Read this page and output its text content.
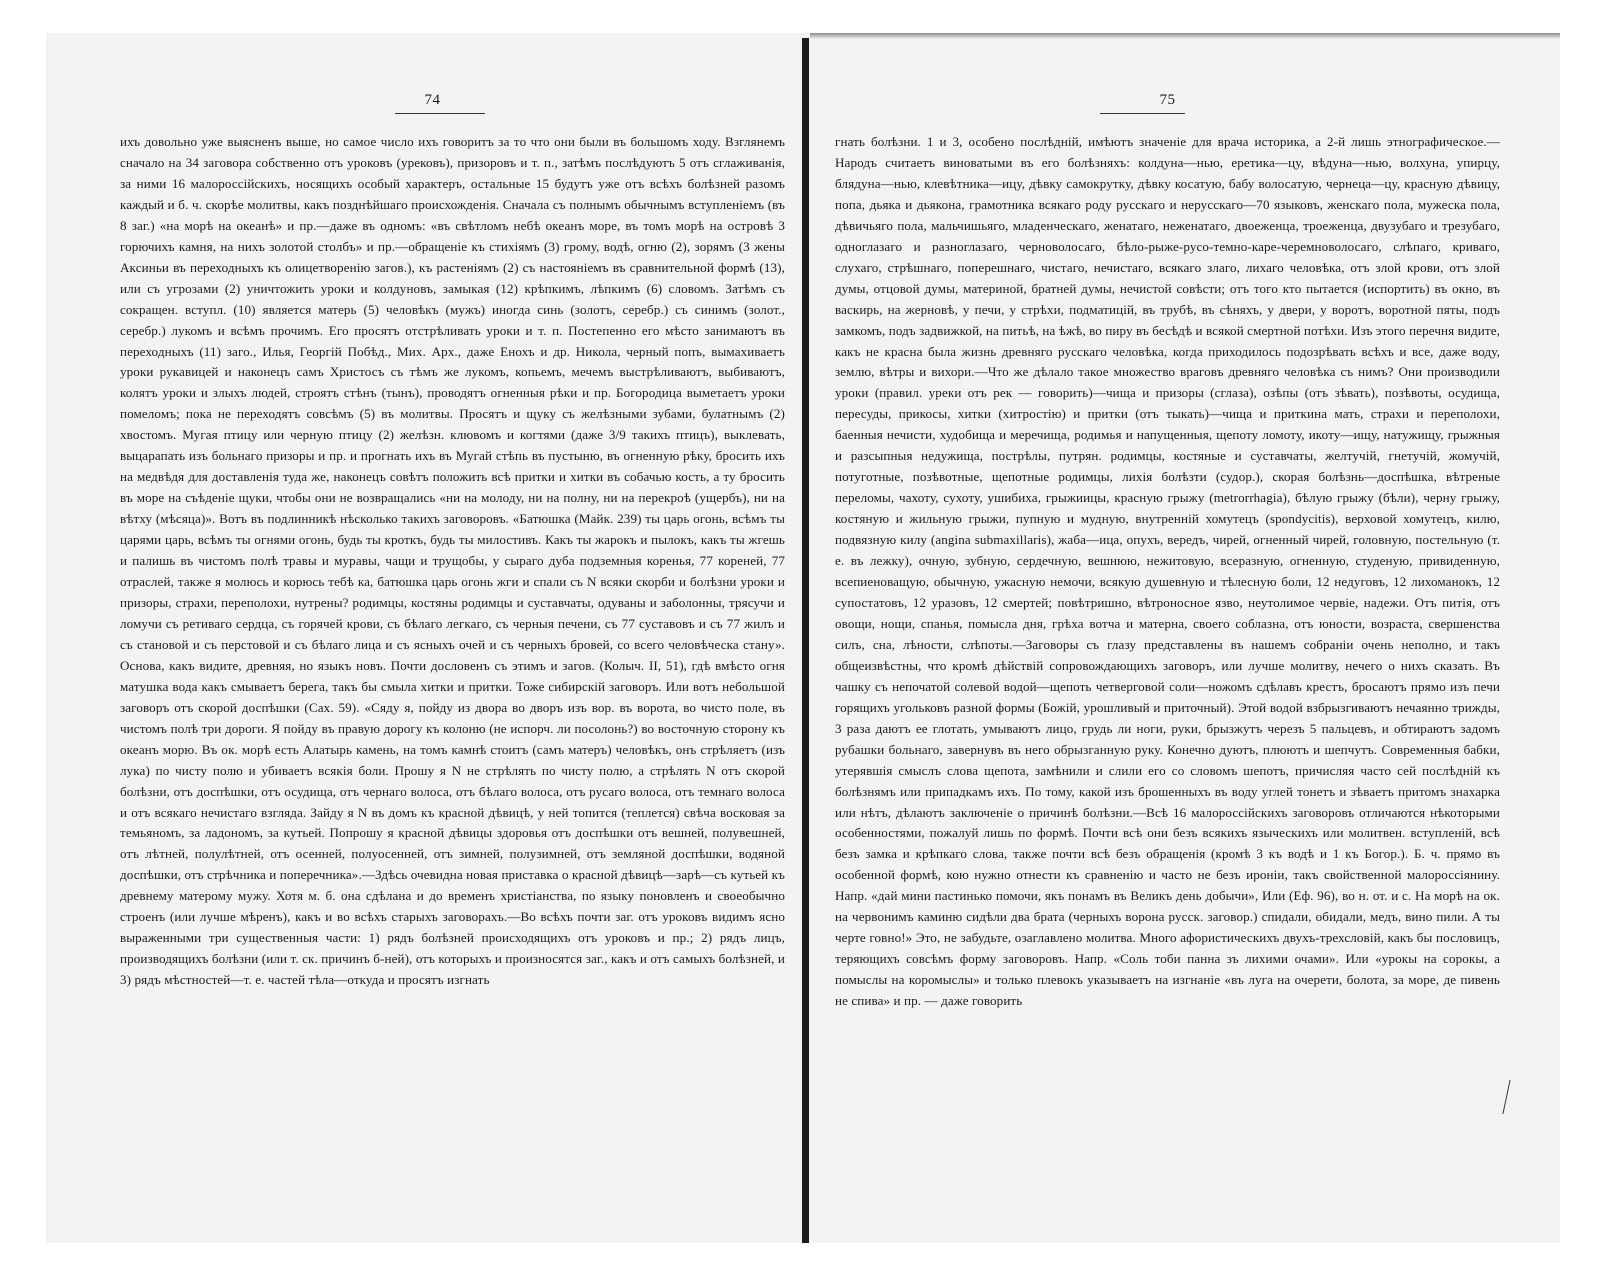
74
ихъ довольно уже выясненъ выше, но самое число ихъ говоритъ за то что они были въ большомъ ходу. Взглянемъ сначало на 34 заговора собственно отъ уроковъ (урековъ), призоровъ и т. п., затѣмъ послѣдуютъ 5 отъ сглаживанія, за ними 16 малороссійскихъ, носящихъ особый характеръ, остальные 15 будутъ уже отъ всѣхъ болѣзней разомъ каждый и б. ч. скорѣе молитвы, какъ позднѣйшаго происхожденія. Сначала съ полнымъ обычнымъ вступленіемъ (въ 8 заг.) «на морѣ на океанѣ» и пр.—даже въ одномъ: «въ свѣтломъ небѣ океанъ море, въ томъ морѣ на островѣ 3 горючихъ камня, на нихъ золотой столбъ» и пр.—обращеніе къ стихіямъ (3) грому, водѣ, огню (2), зорямъ (3 жены Аксиньи въ переходныхъ къ олицетворенію загов.), къ растеніямъ (2) съ настояніемъ въ сравнительной формѣ (13), или съ угрозами (2) уничтожить уроки и колдуновъ, замыкая (12) крѣпкимъ, лѣпкимъ (6) словомъ. Затѣмъ съ сокращен. вступл. (10) является матерь (5) человѣкъ (мужъ) иногда синь (золотъ, серебр.) съ синимъ (золот., серебр.) лукомъ и всѣмъ прочимъ. Его просятъ отстрѣливать уроки и т. п. Постепенно его мѣсто занимаютъ въ переходныхъ (11) заго., Илья, Георгій Побѣд., Мих. Арх., даже Енохъ и др. Никола, черный попъ, вымахиваетъ уроки рукавицей и наконецъ самъ Христосъ съ тѣмъ же лукомъ, копьемъ, мечемъ выстрѣливаютъ, выбиваютъ, колятъ уроки и злыхъ людей, строятъ стѣнъ (тынъ), проводятъ огненныя рѣки и пр. Богородица выметаетъ уроки помеломъ; пока не переходятъ совсѣмъ (5) въ молитвы. Просятъ и щуку съ желѣзными зубами, булатнымъ (2) хвостомъ. Мугая птицу или черную птицу (2) желѣзн. клювомъ и когтями (даже 3/9 такихъ птицъ), выклевать, выцарапать изъ больнаго призоры и пр. и прогнать ихъ въ Мугай стѣпь въ пустыню, въ огненную рѣку, бросить ихъ на медвѣдя для доставленія туда же, наконецъ совѣтъ положить всѣ притки и хитки въ собачью кость, а ту бросить въ море на съѣденіе щуки, чтобы они не возвращались «ни на молоду, ни на полну, ни на перекроѣ (ущербъ), ни на вѣтху (мѣсяца)». Вотъ въ подлинникѣ нѣсколько такихъ заговоровъ. «Батюшка (Майк. 239) ты царь огонь, всѣмъ ты царями царь, всѣмъ ты огнями огонь, будь ты кроткъ, будь ты милостивъ. Какъ ты жарокъ и пылокъ, какъ ты жгешь и палишь въ чистомъ полѣ травы и муравы, чащи и трущобы, у сыраго дуба подземныя коренья, 77 кореней, 77 отраслей, также я молюсь и корюсь тебѣ ка, батюшка царь огонь жги и спали съ N всяки скорби и болѣзни уроки и призоры, страхи, переполохи, нутрены? родимцы, костяны родимцы и суставчаты, одуваны и заболонны, трясучи и ломучи съ ретиваго сердца, съ горячей крови, съ бѣлаго легкаго, съ черныя печени, съ 77 суставовъ и съ 77 жилъ и съ становой и съ перстовой и съ бѣлаго лица и съ ясныхъ очей и съ черныхъ бровей, со всего человѣческа стану». Основа, какъ видите, древняя, но языкъ новъ. Почти дословенъ съ этимъ и загов. (Колыч. II, 51), гдѣ вмѣсто огня матушка вода какъ смываетъ берега, такъ бы смыла хитки и притки. Тоже сибирскій заговоръ. Или вотъ небольшой заговоръ отъ скорой доспѣшки (Сах. 59). «Сяду я, пойду из двора во дворъ изъ вор. въ ворота, во чисто поле, въ чистомъ полѣ три дороги. Я пойду въ правую дорогу къ колоню (не испорч. ли посолонь?) во восточную сторону къ океанъ морю. Въ ок. морѣ есть Алатырь камень, на томъ камнѣ стоитъ (самъ матеръ) человѣкъ, онъ стрѣляетъ (изъ лука) по чисту полю и убиваетъ всякія боли. Прошу я N не стрѣлять по чисту полю, а стрѣлять N отъ скорой болѣзни, отъ доспѣшки, отъ осудища, отъ чернаго волоса, отъ бѣлаго волоса, отъ русаго волоса, отъ темнаго волоса и отъ всякаго нечистаго взгляда. Зайду я N въ домъ къ красной дѣвицѣ, у ней топится (теплется) свѣча восковая за темьяномъ, за ладономъ, за кутьей. Попрошу я красной дѣвицы здоровья отъ доспѣшки отъ вешней, полувешней, отъ лѣтней, полулѣтней, отъ осенней, полуосенней, отъ зимней, полузимней, отъ земляной доспѣшки, водяной доспѣшки, отъ стрѣчника и поперечника».—Здѣсь очевидна новая приставка о красной дѣвицѣ—зарѣ—съ кутьей къ древнему матерому мужу. Хотя м. б. она сдѣлана и до временъ христіанства, по языку поновленъ и своеобычно строенъ (или лучше мѣренъ), какъ и во всѣхъ старыхъ заговорахъ.—Во всѣхъ почти заг. отъ уроковъ видимъ ясно выраженными три существенныя части: 1) рядъ болѣзней происходящихъ отъ уроковъ и пр.; 2) рядъ лицъ, производящихъ болѣзни (или т. ск. причинъ б-ней), отъ которыхъ и произносятся заг., какъ и отъ самыхъ болѣзней, и 3) рядъ мѣстностей—т. е. частей тѣла—откуда и просятъ изгнать
75
гнать болѣзни. 1 и 3, особено послѣдній, имѣютъ значеніе для врача историка, а 2-й лишь этнографическое.—Народъ считаетъ виноватыми въ его болѣзняхъ: колдуна—нью, еретика—цу, вѣдуна—нью, волхуна, упирцу, блядуна—нью, клевѣтника—ицу, дѣвку самокрутку, дѣвку косатую, бабу волосатую, чернеца—цу, красную дѣвицу, попа, дьяка и дьякона, грамотника всякаго роду русскаго и нерусскаго—70 языковъ, женскаго пола, мужеска пола, дѣвичьяго пола, мальчишьяго, младенческаго, женатаго, неженатаго, двоеженца, троеженца, двузубаго и трезубаго, одноглазаго и разноглазаго, черноволосаго, бѣло-рыже-русо-темно-каре-черемноволосаго, слѣпаго, криваго, слухаго, стрѣшнаго, поперешнаго, чистаго, нечистаго, всякаго злаго, лихаго человѣка, отъ злой крови, отъ злой думы, отцовой думы, материной, братней думы, нечистой совѣсти; отъ того кто пытается (испортить) въ окно, въ васкирь, на жерновѣ, у печи, у стрѣхи, подматицій, въ трубѣ, въ сѣняхъ, у двери, у воротъ, воротной пяты, подъ замкомъ, подъ задвижкой, на питьѣ, на ѣжѣ, во пиру въ бесѣдѣ и всякой смертной потѣхи. Изъ этого перечня видите, какъ не красна была жизнь древняго русскаго человѣка, когда приходилось подозрѣвать всѣхъ и все, даже воду, землю, вѣтры и вихори.—Что же дѣлало такое множество враговъ древняго человѣка съ нимъ? Они производили уроки (правил. уреки отъ рек — говорить)—чища и призоры (сглаза), озѣпы (отъ зѣвать), позѣвоты, осудища, пересуды, прикосы, хитки (хитростію) и притки (отъ тыкать)—чища и приткина мать, страхи и переполохи, баенныя нечисти, худобища и меречища, родимья и напущенныя, щепоту ломоту, икоту—ищу, натужищу, грыжныя и разсыпныя недужища, пострѣлы, путрян. родимцы, костяные и суставчаты, желтучій, гнетучій, жомучій, потуготные, позѣвотные, щепотные родимцы, лихія болѣзти (судор.), скорая болѣзнь—доспѣшка, вѣтреные переломы, чахоту, сухоту, ушибиха, грыжиицы, красную грыжу (metrorrhagia), бѣлую грыжу (бѣли), черну грыжу, костяную и жильную грыжи, пупную и мудную, внутренній хомутецъ (spondycitis), верховой хомутецъ, килю, подвязную килу (angina submaxillaris), жаба—ица, опухъ, вередъ, чирей, огненный чирей, головную, постельную (т. е. въ лежку), очную, зубную, сердечную, вешнюю, нежитовую, всеразную, огненную, студеную, привиденную, всепиеноващую, обычную, ужасную немочи, всякую душевную и тѣлесную боли, 12 недуговъ, 12 лихоманокъ, 12 супостатовъ, 12 уразовъ, 12 смертей; повѣтришно, вѣтроносное язво, неутолимое червіе, надежи. Отъ питія, отъ овощи, нощи, спанья, помысла дня, грѣха вотча и матерна, своего соблазна, отъ юности, возраста, свершенства силъ, сна, лѣности, слѣпоты.—Заговоры съ глазу представлены въ нашемъ собраніи очень неполно, и такъ общеизвѣстны, что кромѣ дѣйствій сопровождающихъ заговоръ, или лучше молитву, нечего о нихъ сказать. Въ чашку съ непочатой солевой водой—щепоть четверговой соли—ножомъ сдѣлавъ крестъ, бросаютъ прямо изъ печи горящихъ угольковъ разной формы (Божій, урошливый и приточный). Этой водой взбрызгиваютъ нечаянно трижды, 3 раза даютъ ее глотать, умываютъ лицо, грудь ли ноги, руки, брызжутъ черезъ 5 пальцевъ, и обтираютъ задомъ рубашки больнаго, завернувъ въ него обрызганную руку. Конечно дуютъ, плюютъ и шепчутъ. Современныя бабки, утерявшія смыслъ слова щепота, замѣнили и слили его со словомъ шепотъ, причисляя часто сей послѣдній къ болѣзнямъ или припадкамъ ихъ. По тому, какой изъ брошенныхъ въ воду углей тонетъ и зѣваетъ притомъ знахарка или нѣтъ, дѣлаютъ заключеніе о причинѣ болѣзни.—Всѣ 16 малороссійскихъ заговоровъ отличаются нѣкоторыми особенностями, пожалуй лишь по формѣ. Почти всѣ они безъ всякихъ языческихъ или молитвен. вступленій, всѣ безъ замка и крѣпкаго слова, также почти всѣ безъ обращенія (кромѣ 3 къ водѣ и 1 къ Богор.). Б. ч. прямо въ особенной формѣ, кою нужно отнести къ сравненію и часто не безъ ироніи, такъ свойственной малороссіянину. Напр. «дай мини пастинько помочи, якъ понамъ въ Великъ день добычи», Или (Еф. 96), во н. от. и с. На морѣ на ок. на червонимъ каминю сидѣли два брата (черныхъ ворона русск. заговор.) спидали, обидали, медъ, вино пили. А ты черте говно!» Это, не забудьте, озаглавлено молитва. Много афористическихъ двухъ-трехсловій, какъ бы пословицъ, теряющихъ совсѣмъ форму заговоровъ. Напр. «Соль тоби панна зъ лихими очами». Или «урокы на сорокы, а помыслы на коромыслы» и только плевокъ указываетъ на изгнаніе «въ луга на очерети, болота, за море, де пивень не спива» и пр. — даже говорить
